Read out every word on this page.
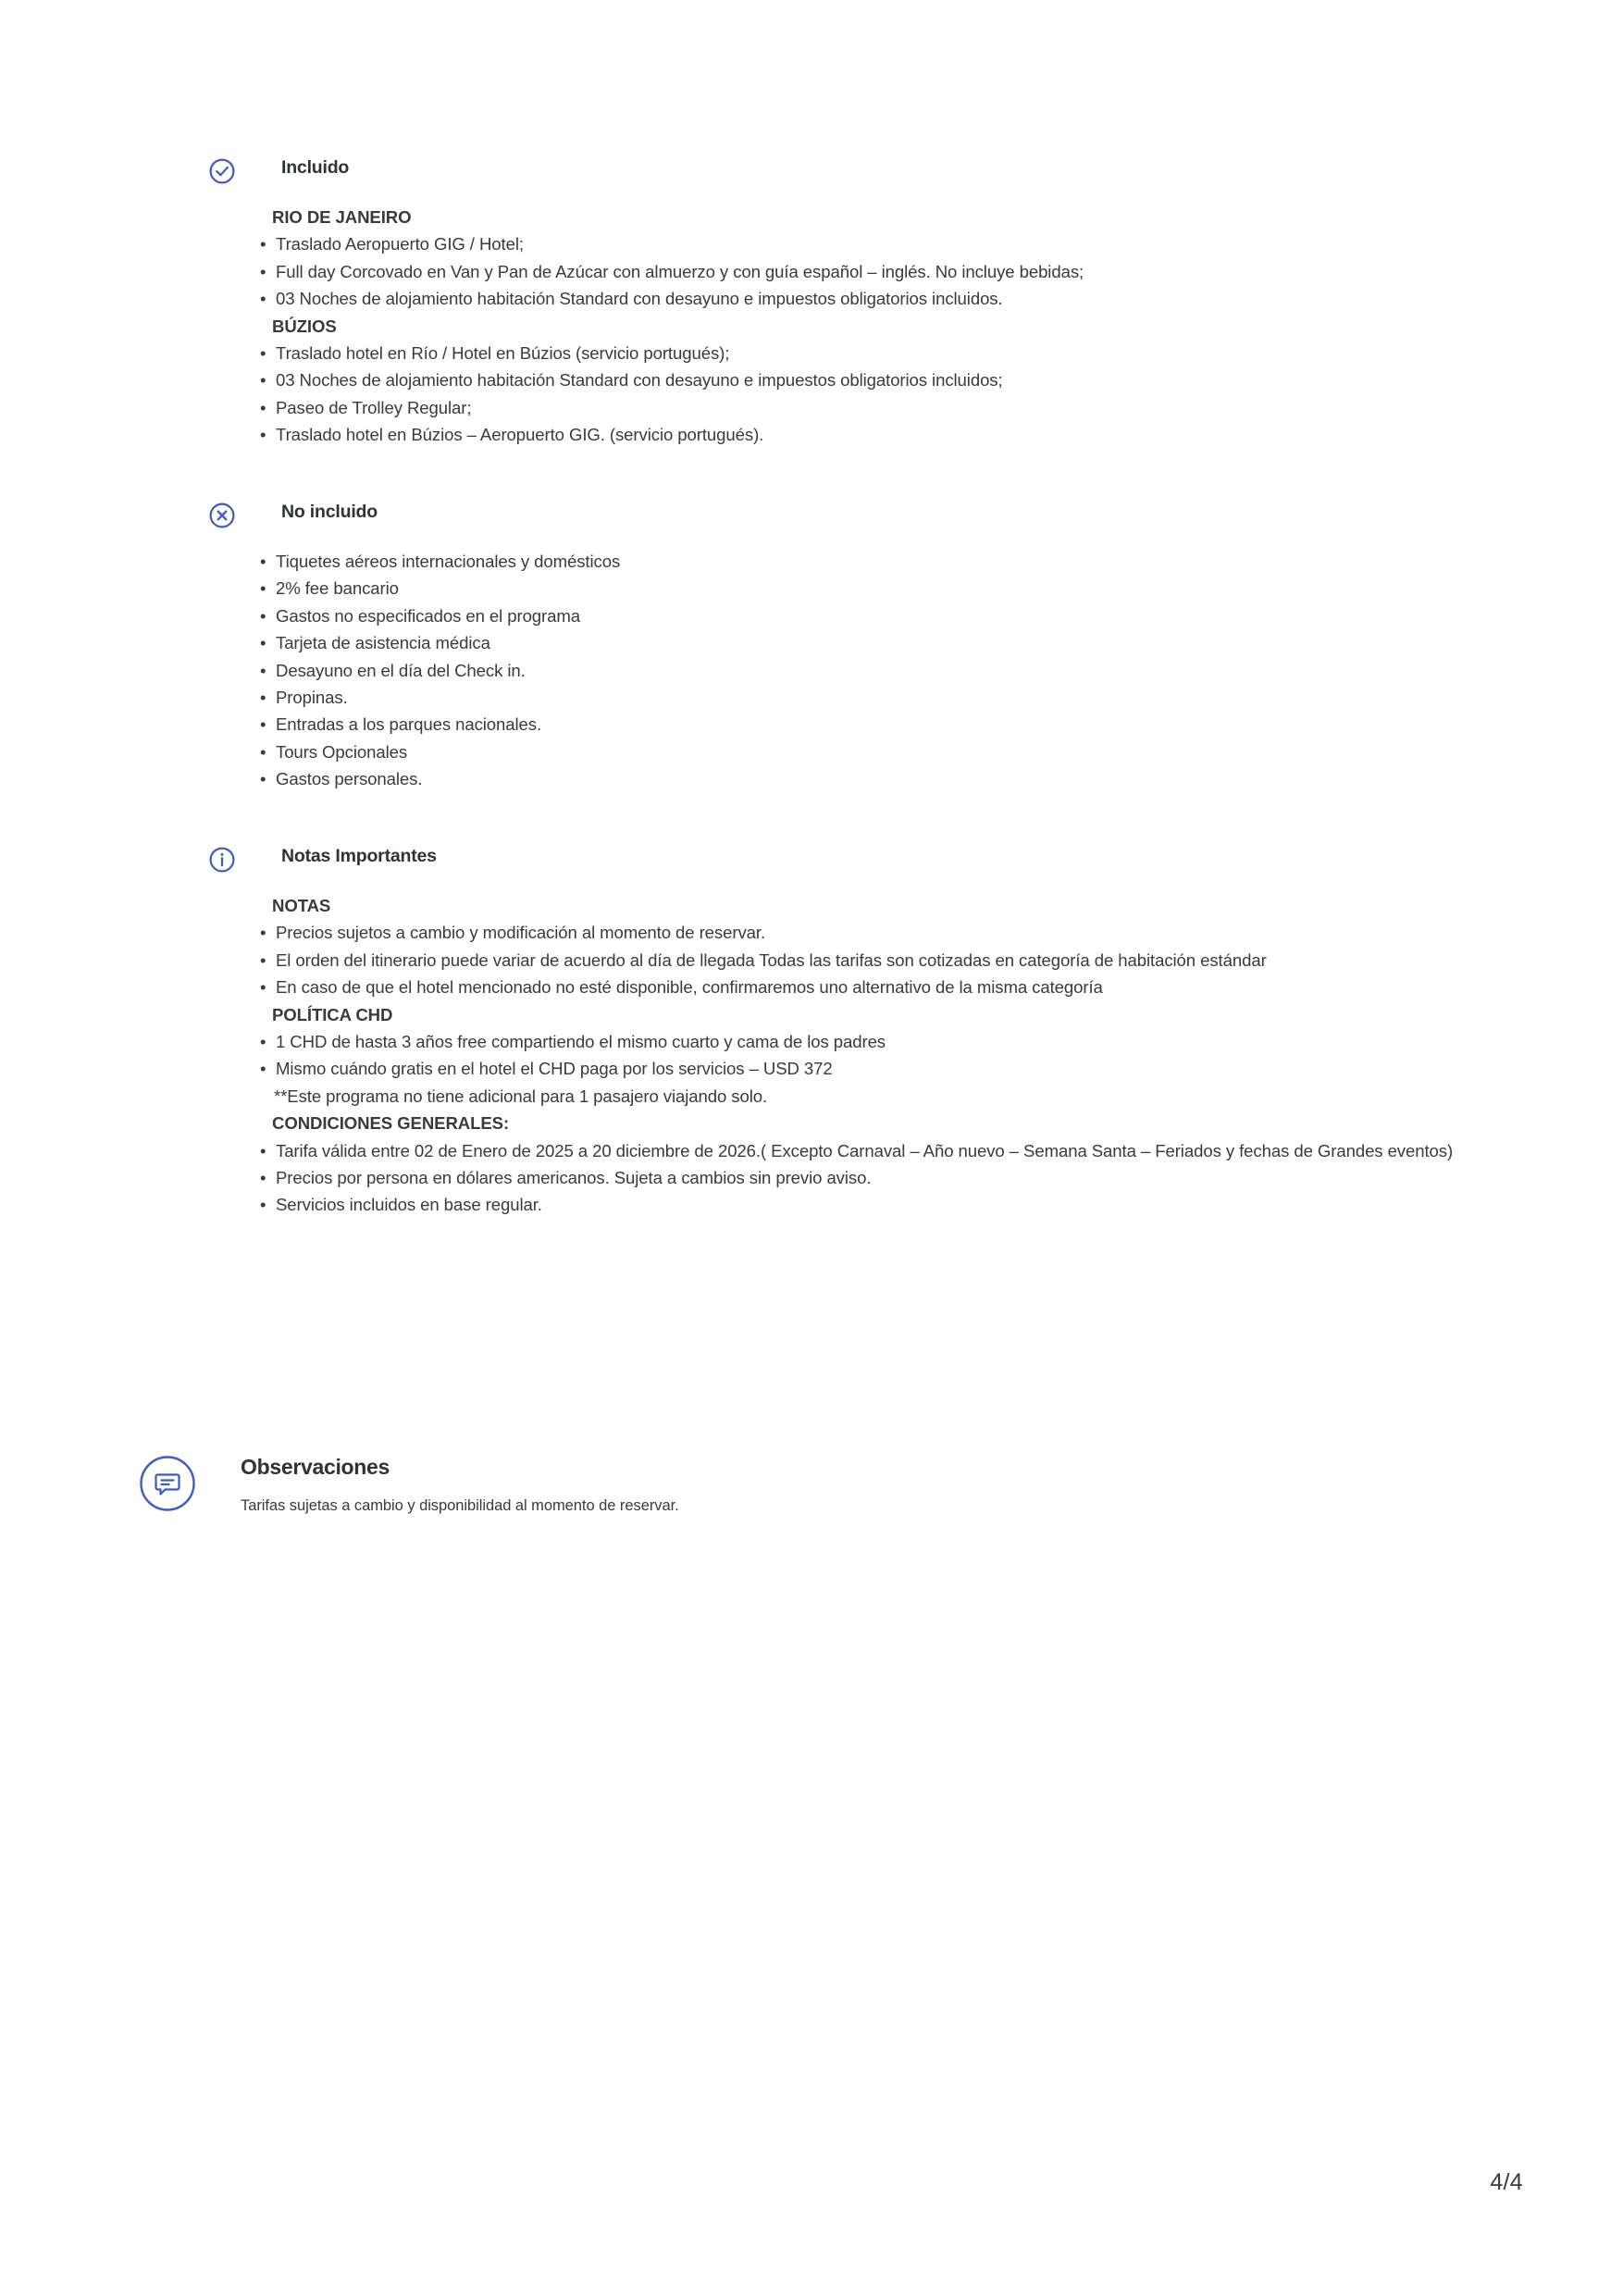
Incluido
RIO DE JANEIRO
• Traslado Aeropuerto GIG / Hotel;
• Full day Corcovado en Van y Pan de Azúcar con almuerzo y con guía español – inglés. No incluye bebidas;
• 03 Noches de alojamiento habitación Standard con desayuno e impuestos obligatorios incluidos.
BÚZIOS
• Traslado hotel en Río / Hotel en Búzios (servicio portugués);
• 03 Noches de alojamiento habitación Standard con desayuno e impuestos obligatorios incluidos;
• Paseo de Trolley Regular;
• Traslado hotel en Búzios – Aeropuerto GIG. (servicio portugués).
No incluido
• Tiquetes aéreos internacionales y domésticos
• 2% fee bancario
• Gastos no especificados en el programa
• Tarjeta de asistencia médica
• Desayuno en el día del Check in.
• Propinas.
• Entradas a los parques nacionales.
• Tours Opcionales
• Gastos personales.
Notas Importantes
NOTAS
• Precios sujetos a cambio y modificación al momento de reservar.
• El orden del itinerario puede variar de acuerdo al día de llegada Todas las tarifas son cotizadas en categoría de habitación estándar
• En caso de que el hotel mencionado no esté disponible, confirmaremos uno alternativo de la misma categoría
POLÍTICA CHD
• 1 CHD de hasta 3 años free compartiendo el mismo cuarto y cama de los padres
• Mismo cuándo gratis en el hotel el CHD paga por los servicios – USD 372
**Este programa no tiene adicional para 1 pasajero viajando solo.
CONDICIONES GENERALES:
• Tarifa válida entre 02 de Enero de 2025 a 20 diciembre de 2026.( Excepto Carnaval – Año nuevo – Semana Santa – Feriados y fechas de Grandes eventos)
• Precios por persona en dólares americanos. Sujeta a cambios sin previo aviso.
• Servicios incluidos en base regular.
Observaciones
Tarifas sujetas a cambio y disponibilidad al momento de reservar.
4/4
